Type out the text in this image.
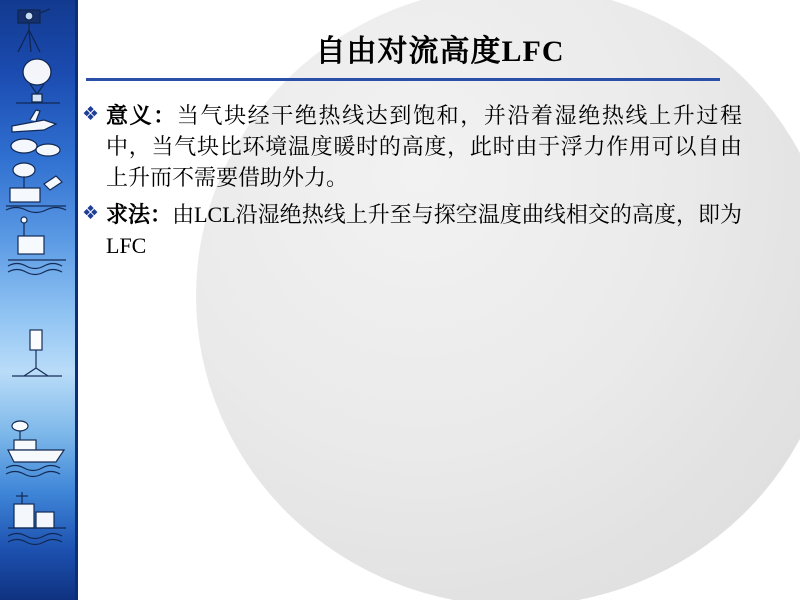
自由对流高度LFC
❖ 意义：当气块经干绝热线达到饱和，并沿着湿绝热线上升过程中，当气块比环境温度暖时的高度，此时由于浮力作用可以自由上升而不需要借助外力。
❖ 求法：由LCL沿湿绝热线上升至与探空温度曲线相交的高度，即为LFC
